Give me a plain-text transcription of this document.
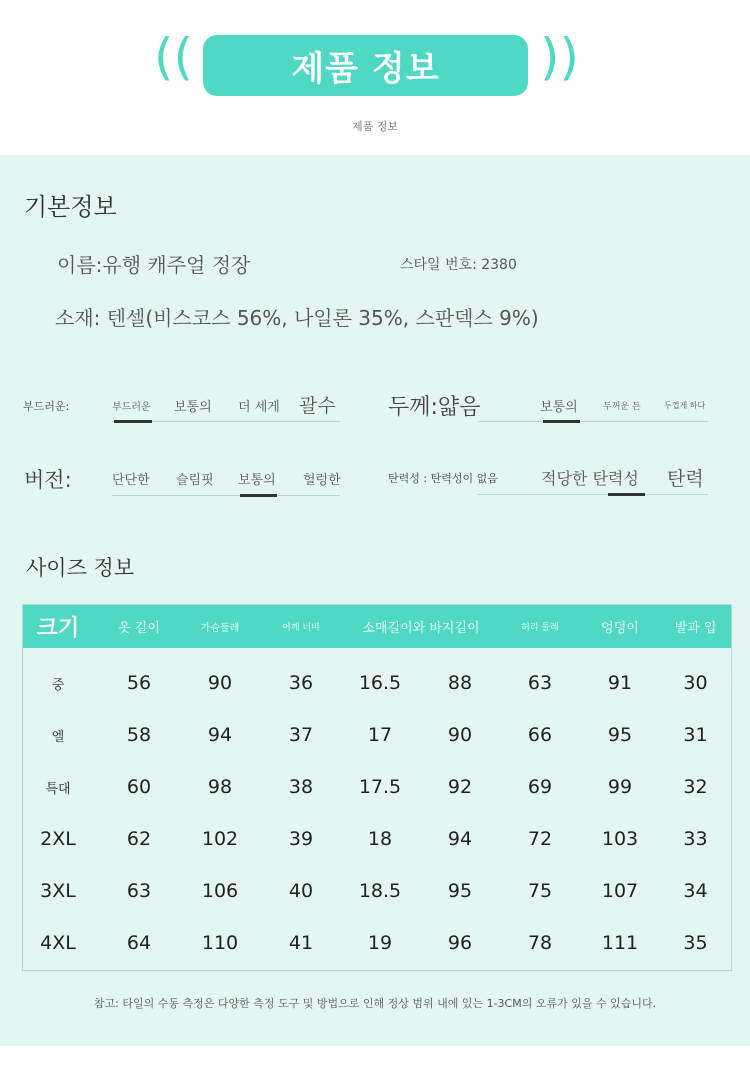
((	제품 정보	))
제품 정보
기본정보
이름:유행 캐주얼 정장	스타일 번호: 2380
소재: 텐셀(비스코스 56%, 나일론 35%, 스판덱스 9%)
부드러운:	부드러운 보통의 더 세게 괄수 두께:얇음	보통의	두꺼운 든	두껍게 하다
버전:	단단한 슬림핏 보통의 헐렁한	탄력성 : 탄력성이 없음	적당한 탄력성 탄력
사이즈 정보
크기	옷 길이	가슴둘레	어깨 너비	소매길이와 바지길이	허리 둘레	엉덩이	발과 입
중	56	90	36	16.5	88	63	91	30
엘	58	94	37	17	90	66	95	31
특대	60	98	38	17.5	92	69	99	32
2XL	62	102	39	18	94	72	103	33
3XL	63	106	40	18.5	95	75	107	34
4XL	64	110	41	19	96	78	111	35
참고: 타일의 수동 측정은 다양한 측정 도구 및 방법으로 인해 정상 범위 내에 있는 1-3CM의 오류가 있을 수 있습니다.
